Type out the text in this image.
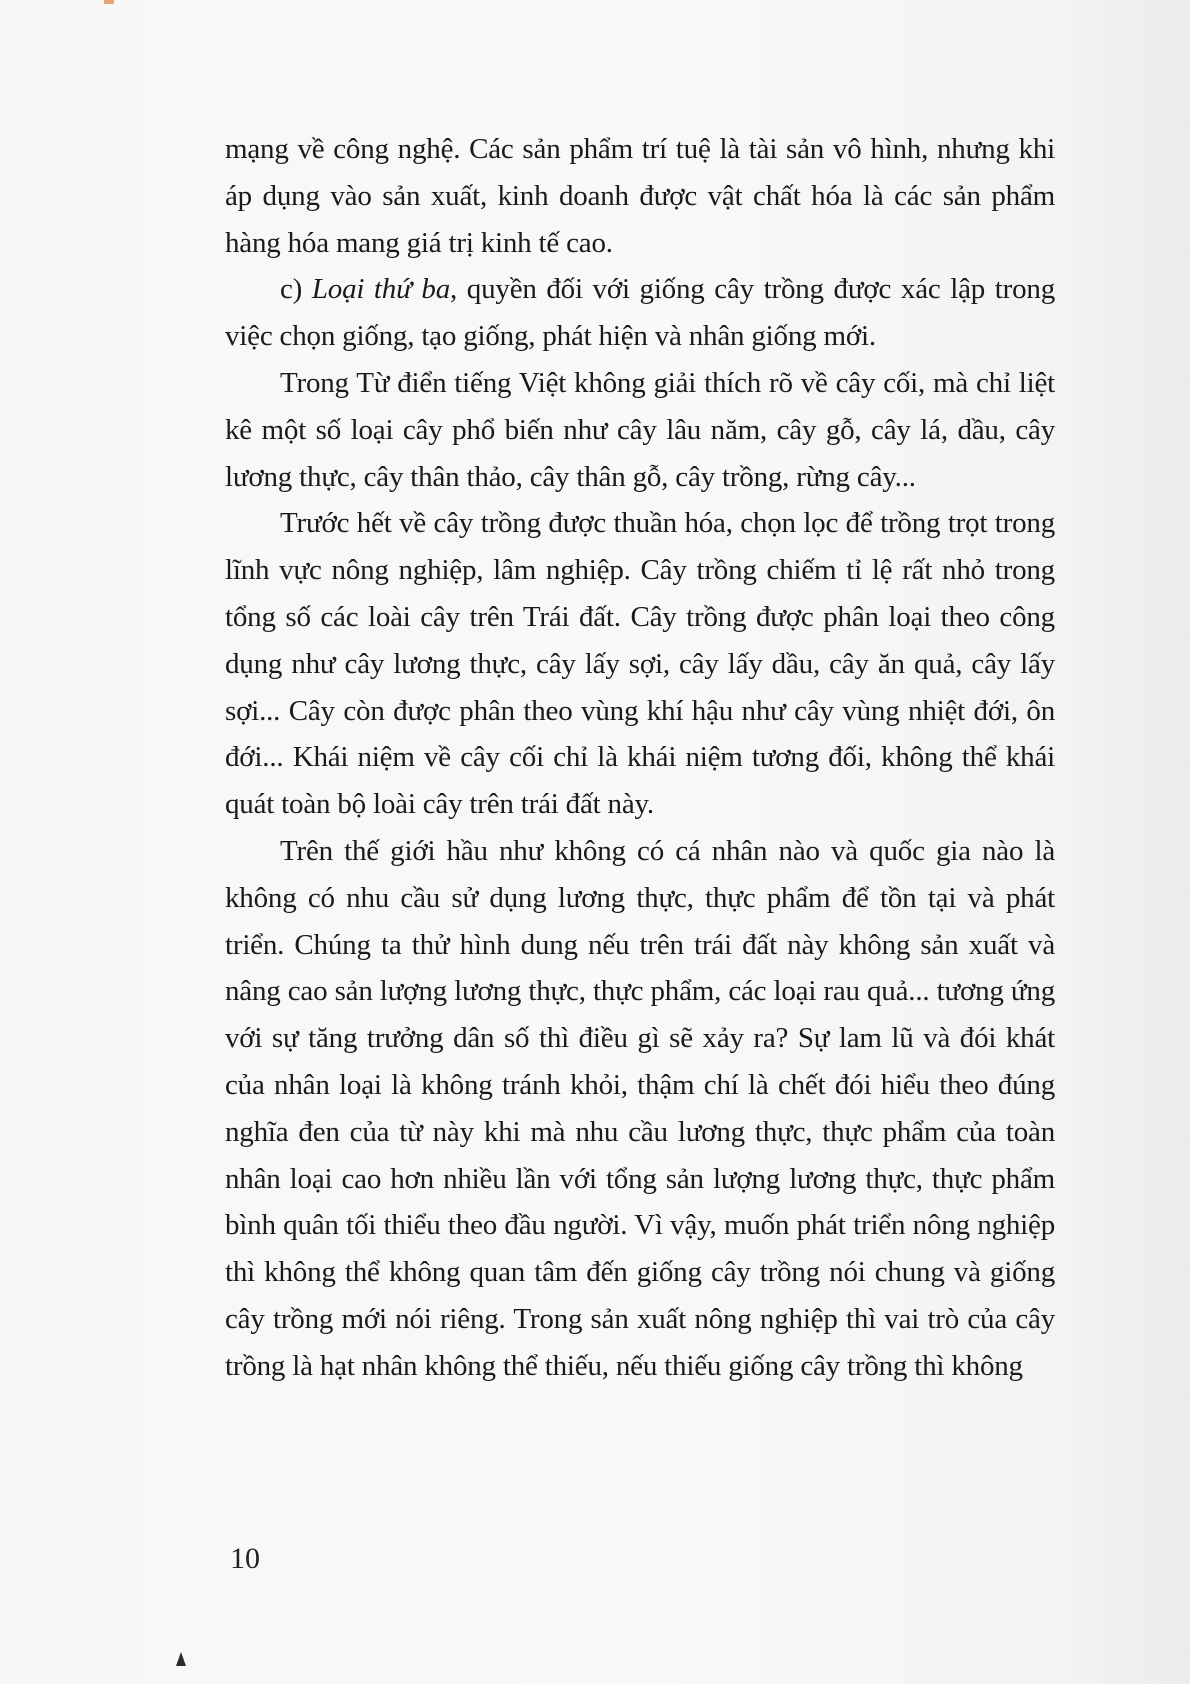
mạng về công nghệ. Các sản phẩm trí tuệ là tài sản vô hình, nhưng khi áp dụng vào sản xuất, kinh doanh được vật chất hóa là các sản phẩm hàng hóa mang giá trị kinh tế cao.

c) Loại thứ ba, quyền đối với giống cây trồng được xác lập trong việc chọn giống, tạo giống, phát hiện và nhân giống mới.

Trong Từ điển tiếng Việt không giải thích rõ về cây cối, mà chỉ liệt kê một số loại cây phổ biến như cây lâu năm, cây gỗ, cây lá, dầu, cây lương thực, cây thân thảo, cây thân gỗ, cây trồng, rừng cây...

Trước hết về cây trồng được thuần hóa, chọn lọc để trồng trọt trong lĩnh vực nông nghiệp, lâm nghiệp. Cây trồng chiếm tỉ lệ rất nhỏ trong tổng số các loài cây trên Trái đất. Cây trồng được phân loại theo công dụng như cây lương thực, cây lấy sợi, cây lấy dầu, cây ăn quả, cây lấy sợi... Cây còn được phân theo vùng khí hậu như cây vùng nhiệt đới, ôn đới... Khái niệm về cây cối chỉ là khái niệm tương đối, không thể khái quát toàn bộ loài cây trên trái đất này.

Trên thế giới hầu như không có cá nhân nào và quốc gia nào là không có nhu cầu sử dụng lương thực, thực phẩm để tồn tại và phát triển. Chúng ta thử hình dung nếu trên trái đất này không sản xuất và nâng cao sản lượng lương thực, thực phẩm, các loại rau quả... tương ứng với sự tăng trưởng dân số thì điều gì sẽ xảy ra? Sự lam lũ và đói khát của nhân loại là không tránh khỏi, thậm chí là chết đói hiểu theo đúng nghĩa đen của từ này khi mà nhu cầu lương thực, thực phẩm của toàn nhân loại cao hơn nhiều lần với tổng sản lượng lương thực, thực phẩm bình quân tối thiểu theo đầu người. Vì vậy, muốn phát triển nông nghiệp thì không thể không quan tâm đến giống cây trồng nói chung và giống cây trồng mới nói riêng. Trong sản xuất nông nghiệp thì vai trò của cây trồng là hạt nhân không thể thiếu, nếu thiếu giống cây trồng thì không

10
